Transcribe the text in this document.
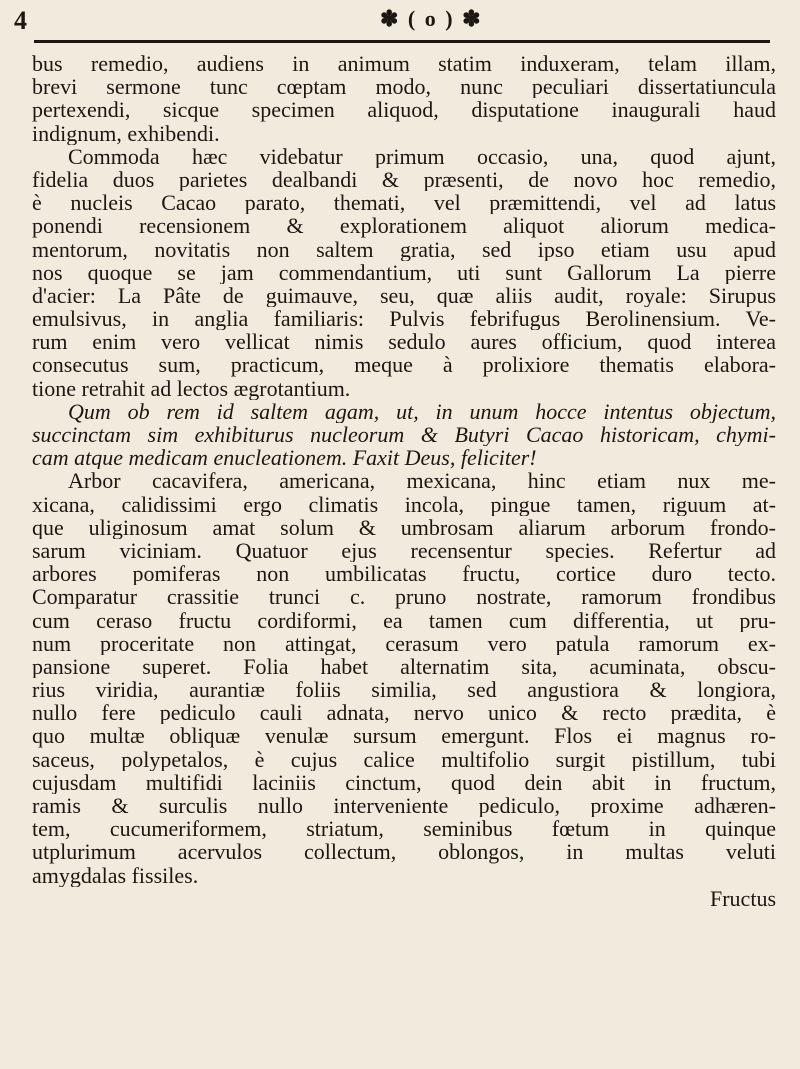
4	✽ ( o ) ✽
bus remedio, audiens in animum statim induxeram, telam illam,
brevi sermone tunc cœptam modo, nunc peculiari dissertatiuncula
pertexendi, sicque specimen aliquod, disputatione inaugurali haud
indignum, exhibendi.
Commoda hæc videbatur primum occasio, una, quod ajunt,
fidelia duos parietes dealbandi & præsenti, de novo hoc remedio,
è nucleis Cacao parato, themati, vel præmittendi, vel ad latus
ponendi recensionem & explorationem aliquot aliorum medica-
mentorum, novitatis non saltem gratia, sed ipso etiam usu apud
nos quoque se jam commendantium, uti sunt Gallorum La pierre
d'acier: La Pâte de guimauve, seu, quæ aliis audit, royale: Sirupus
emulsivus, in anglia familiaris: Pulvis febrifugus Berolinensium. Ve-
rum enim vero vellicat nimis sedulo aures officium, quod interea
consecutus sum, practicum, meque à prolixiore thematis elabora-
tione retrahit ad lectos ægrotantium.
Qum ob rem id saltem agam, ut, in unum hocce intentus objectum,
succinctam sim exhibiturus nucleorum & Butyri Cacao historicam, chymi-
cam atque medicam enucleationem. Faxit Deus, feliciter!
Arbor cacavifera, americana, mexicana, hinc etiam nux me-
xicana, calidissimi ergo climatis incola, pingue tamen, riguum at-
que uliginosum amat solum & umbrosam aliarum arborum frondo-
sarum viciniam. Quatuor ejus recensentur species. Refertur ad
arbores pomiferas non umbilicatas fructu, cortice duro tecto.
Comparatur crassitie trunci c. pruno nostrate, ramorum frondibus
cum ceraso fructu cordiformi, ea tamen cum differentia, ut pru-
num proceritate non attingat, cerasum vero patula ramorum ex-
pansione superet. Folia habet alternatim sita, acuminata, obscu-
rius viridia, aurantiæ foliis similia, sed angustiora & longiora,
nullo fere pediculo cauli adnata, nervo unico & recto prædita, è
quo multæ obliquæ venulæ sursum emergunt. Flos ei magnus ro-
saceus, polypetalos, è cujus calice multifolio surgit pistillum, tubi
cujusdam multifidi laciniis cinctum, quod dein abit in fructum,
ramis & surculis nullo interveniente pediculo, proxime adhæren-
tem, cucumeriformem, striatum, seminibus fœtum in quinque
utplurimum acervulos collectum, oblongos, in multas veluti
amygdalas fissiles.
Fructus
